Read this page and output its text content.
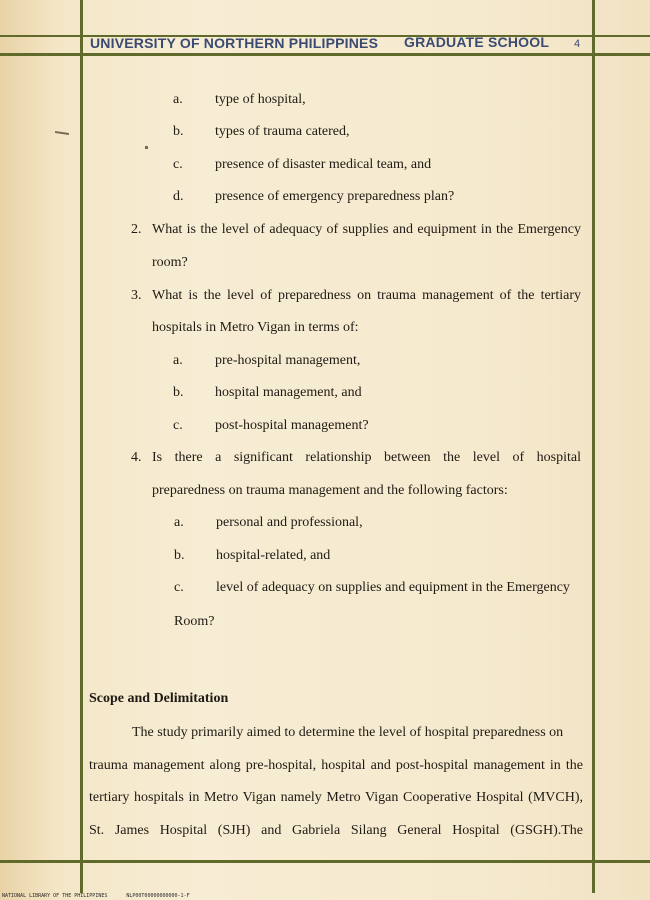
UNIVERSITY OF NORTHERN PHILIPPINES GRADUATE SCHOOL 4
a. type of hospital,
b. types of trauma catered,
c. presence of disaster medical team, and
d. presence of emergency preparedness plan?
2. What is the level of adequacy of supplies and equipment in the Emergency
room?
3. What is the level of preparedness on trauma management of the tertiary
hospitals in Metro Vigan in terms of:
a. pre-hospital management,
b. hospital management, and
c. post-hospital management?
4. Is there a significant relationship between the level of hospital
preparedness on trauma management and the following factors:
a. personal and professional,
b. hospital-related, and
c. level of adequacy on supplies and equipment in the Emergency
Room?
Scope and Delimitation
The study primarily aimed to determine the level of hospital preparedness on
trauma management along pre-hospital, hospital and post-hospital management in the
tertiary hospitals in Metro Vigan namely Metro Vigan Cooperative Hospital (MVCH),
St. James Hospital (SJH) and Gabriela Silang General Hospital (GSGH).The
NATIONAL LIBRARY OF THE PHILIPPINES	NLP00T00000000000-1-F
